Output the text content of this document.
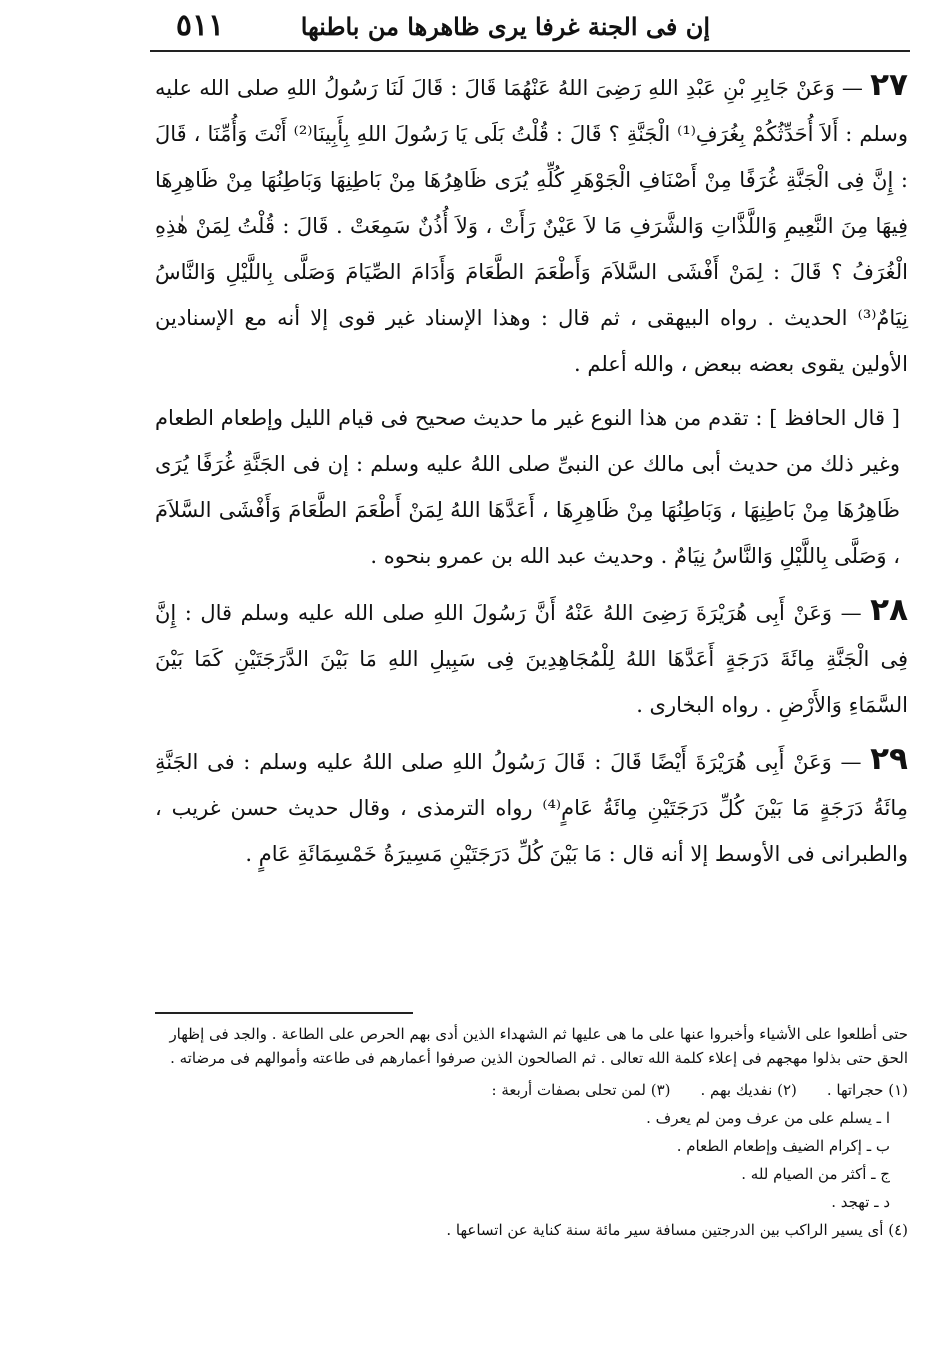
٥١١	إن فى الجنة غرفا يرى ظاهرها من باطنها

٢٧ — وَعَنْ جَابِرِ بْنِ عَبْدِ اللهِ رَضِىَ اللهُ عَنْهُمَا قَالَ : قَالَ لَنَا رَسُولُ اللهِ صلى الله عليه وسلم : أَلاَ أُحَدِّثُكُمْ بِغُرَفِ⁽¹⁾ الْجَنَّةِ ؟ قَالَ : قُلْتُ بَلَى يَا رَسُولَ اللهِ بِأَبِينَا⁽²⁾ أَنْتَ وَأُمِّنَا ، قَالَ : إِنَّ فِى الْجَنَّةِ غُرَفًا مِنْ أَصْنَافِ الْجَوْهَرِ كُلِّهِ يُرَى ظَاهِرُهَا مِنْ بَاطِنِهَا وَبَاطِنُهَا مِنْ ظَاهِرِهَا فِيهَا مِنَ النَّعِيمِ وَاللَّذَّاتِ وَالشَّرَفِ مَا لاَ عَيْنٌ رَأَتْ ، وَلاَ أُذُنٌ سَمِعَتْ . قَالَ : قُلْتُ لِمَنْ هٰذِهِ الْغُرَفُ ؟ قَالَ : لِمَنْ أَفْشَى السَّلاَمَ وَأَطْعَمَ الطَّعَامَ وَأَدَامَ الصِّيَامَ وَصَلَّى بِاللَّيْلِ وَالنَّاسُ نِيَامٌ⁽³⁾ الحديث . رواه البيهقى ، ثم قال : وهذا الإسناد غير قوى إلا أنه مع الإسنادين الأولين يقوى بعضه ببعض ، والله أعلم .

[ قال الحافظ ] : تقدم من هذا النوع غير ما حديث صحيح فى قيام الليل وإطعام الطعام وغير ذلك من حديث أبى مالك عن النبىِّ صلى اللهُ عليه وسلم : إن فى الجَنَّةِ غُرَفًا يُرَى ظَاهِرُهَا مِنْ بَاطِنِهَا ، وَبَاطِنُهَا مِنْ ظَاهِرِهَا ، أَعَدَّهَا اللهُ لِمَنْ أَطْعَمَ الطَّعَامَ وَأَفْشَى السَّلاَمَ ، وَصَلَّى بِاللَّيْلِ وَالنَّاسُ نِيَامٌ . وحديث عبد الله بن عمرو بنحوه .

٢٨ — وَعَنْ أَبِى هُرَيْرَةَ رَضِىَ اللهُ عَنْهُ أَنَّ رَسُولَ اللهِ صلى الله عليه وسلم قال : إِنَّ فِى الْجَنَّةِ مِائَةَ دَرَجَةٍ أَعَدَّهَا اللهُ لِلْمُجَاهِدِينَ فِى سَبِيلِ اللهِ مَا بَيْنَ الدَّرَجَتَيْنِ كَمَا بَيْنَ السَّمَاءِ وَالأَرْضِ . رواه البخارى .

٢٩ — وَعَنْ أَبِى هُرَيْرَةَ أَيْضًا قَالَ : قَالَ رَسُولُ اللهِ صلى اللهُ عليه وسلم : فى الجَنَّةِ مِائَةُ دَرَجَةٍ مَا بَيْنَ كُلِّ دَرَجَتَيْنِ مِائَةُ عَامٍ⁽⁴⁾ رواه الترمذى ، وقال حديث حسن غريب ، والطبرانى فى الأوسط إلا أنه قال : مَا بَيْنَ كُلِّ دَرَجَتَيْنِ مَسِيرَةُ خَمْسِمَائَةِ عَامٍ .

حتى أطلعوا على الأشياء وأخبروا عنها على ما هى عليها ثم الشهداء الذين أدى بهم الحرص على الطاعة . والجد فى إظهار الحق حتى بذلوا مهجهم فى إعلاء كلمة الله تعالى . ثم الصالحون الذين صرفوا أعمارهم فى طاعته وأموالهم فى مرضاته .

(١) حجراتها .
(٢) نفديك بهم .
(٣) لمن تحلى بصفات أربعة :
ا ـ يسلم على من عرف ومن لم يعرف .
ب ـ إكرام الضيف وإطعام الطعام .
ج ـ أكثر من الصيام لله .
د ـ تهجد .
(٤) أى يسير الراكب بين الدرجتين مسافة سير مائة سنة كناية عن اتساعها .
